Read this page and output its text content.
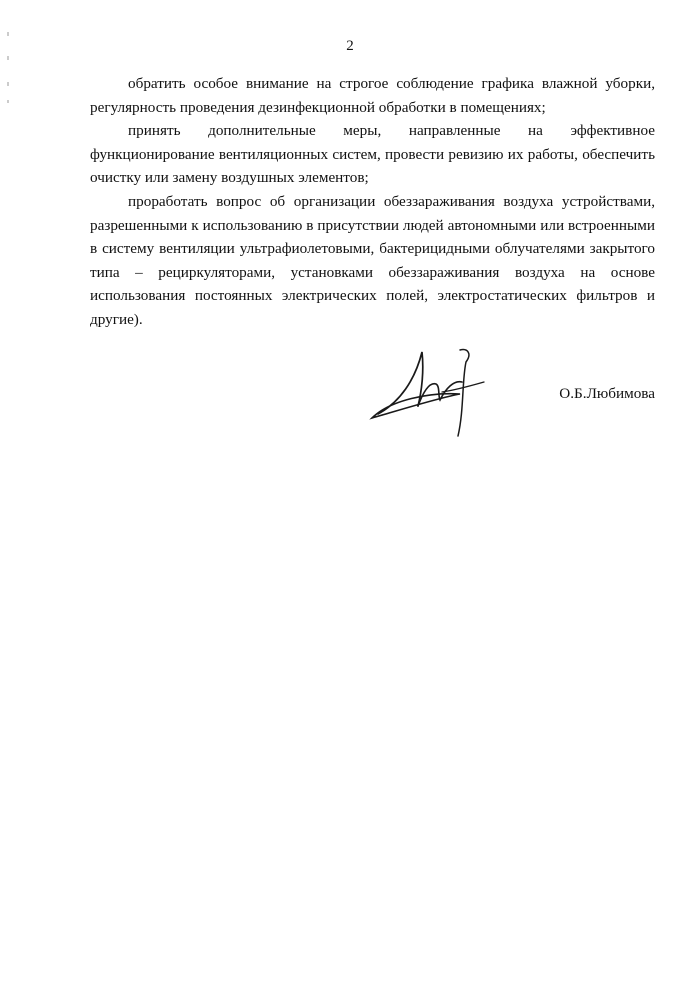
2

обратить особое внимание на строгое соблюдение графика влажной уборки, регулярность проведения дезинфекционной обработки в помещениях;

принять дополнительные меры, направленные на эффективное функционирование вентиляционных систем, провести ревизию их работы, обеспечить очистку или замену воздушных элементов;

проработать вопрос об организации обеззараживания воздуха устройствами, разрешенными к использованию в присутствии людей автономными или встроенными в систему вентиляции ультрафиолетовыми, бактерицидными облучателями закрытого типа – рециркуляторами, установками обеззараживания воздуха на основе использования постоянных электрических полей, электростатических фильтров и другие).

О.Б.Любимова
